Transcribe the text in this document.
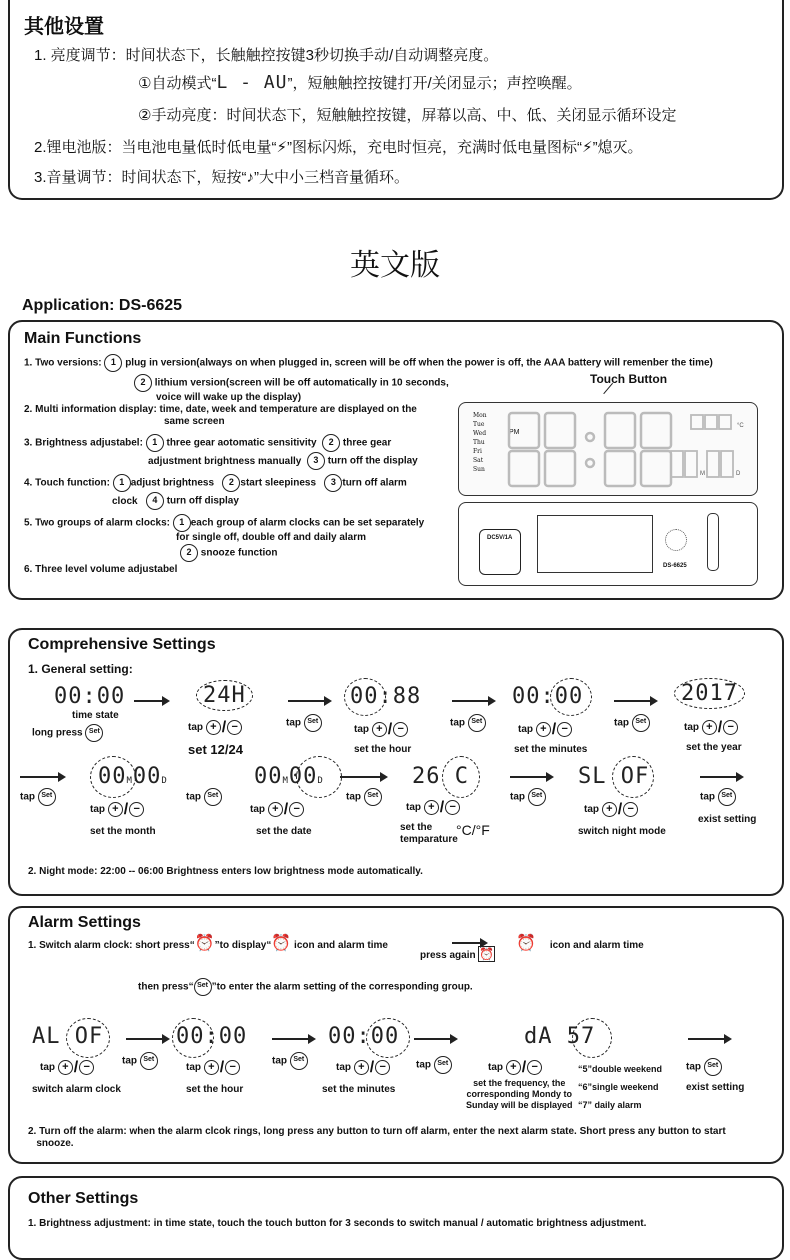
其他设置
1. 亮度调节：时间状态下，长触触控按键3秒切换手动/自动调整亮度。
①自动模式“L - AU”，短触触控按键打开/关闭显示；声控唤醒。
②手动亮度：时间状态下，短触触控按键，屏幕以高、中、低、关闭显示循环设定
2.锂电池版：当电池电量低时低电量“⚡”图标闪烁，充电时恒亮，充满时低电量图标“⚡”熄灭。
3.音量调节：时间状态下，短按“♪”大中小三档音量循环。
英文版
Application: DS-6625
Main Functions
1. Two versions: 1 plug in version(always on when plugged in, screen will be off when the power is off, the AAA battery will remenber the time)
2 lithium version(screen will be off automatically in 10 seconds,
voice will wake up the display)
2. Multi information display: time, date, week and temperature are displayed on the
same screen
3. Brightness adjustabel: 1 three gear aotomatic sensitivity 2 three gear
adjustment brightness manually 3 turn off the display
4. Touch function: 1 adjust brightness 2 start sleepiness 3 turn off alarm
clock 4 turn off display
5. Two groups of alarm clocks: 1 each group of alarm clocks can be set separately
for single off, double off and daily alarm
2 snooze function
6. Three level volume adjustabel
Touch Button
Mon
Tue
Wed
Thu
Fri
Sat
Sun
PM
°C
M	D
DC5V/1A
DS-6625
Comprehensive Settings
1. General setting:
00:00
time state
long press Set
24H
tap + / −
set 12/24
tap Set
00:88
tap + / −
set the hour
tap Set
00:00
tap + / −
set the minutes
tap Set
2017
tap + / −
set the year
tap Set
00M00D
tap Set
tap + / −
set the month
00M00D
tap Set
tap + / −
set the date
26 C
tap + / −
set the
temparature
°C/°F
tap Set
SL OF
tap + / −
switch night mode
tap Set
exist setting
2. Night mode: 22:00 -- 06:00 Brightness enters low brightness mode automatically.
Alarm Settings
1. Switch alarm clock: short press“⏰”to display“⏰ icon and alarm time
press again ⏰
⏰ icon and alarm time
then press“ Set ”to enter the alarm setting of the corresponding group.
AL OF
tap + / −
switch alarm clock
tap Set
00:00
tap + / −
set the hour
tap Set
00:00
tap + / −
set the minutes
tap Set
dA 57
tap + / −
set the frequency, the
corresponding Mondy to
Sunday will be displayed
“5”double weekend
“6”single weekend
“7” daily alarm
tap Set
exist setting
2. Turn off the alarm: when the alarm clcok rings, long press any button to turn off alarm, enter the next alarm state. Short press any button to start
snooze.
Other Settings
1. Brightness adjustment: in time state, touch the touch button for 3 seconds to switch manual / automatic brightness adjustment.
